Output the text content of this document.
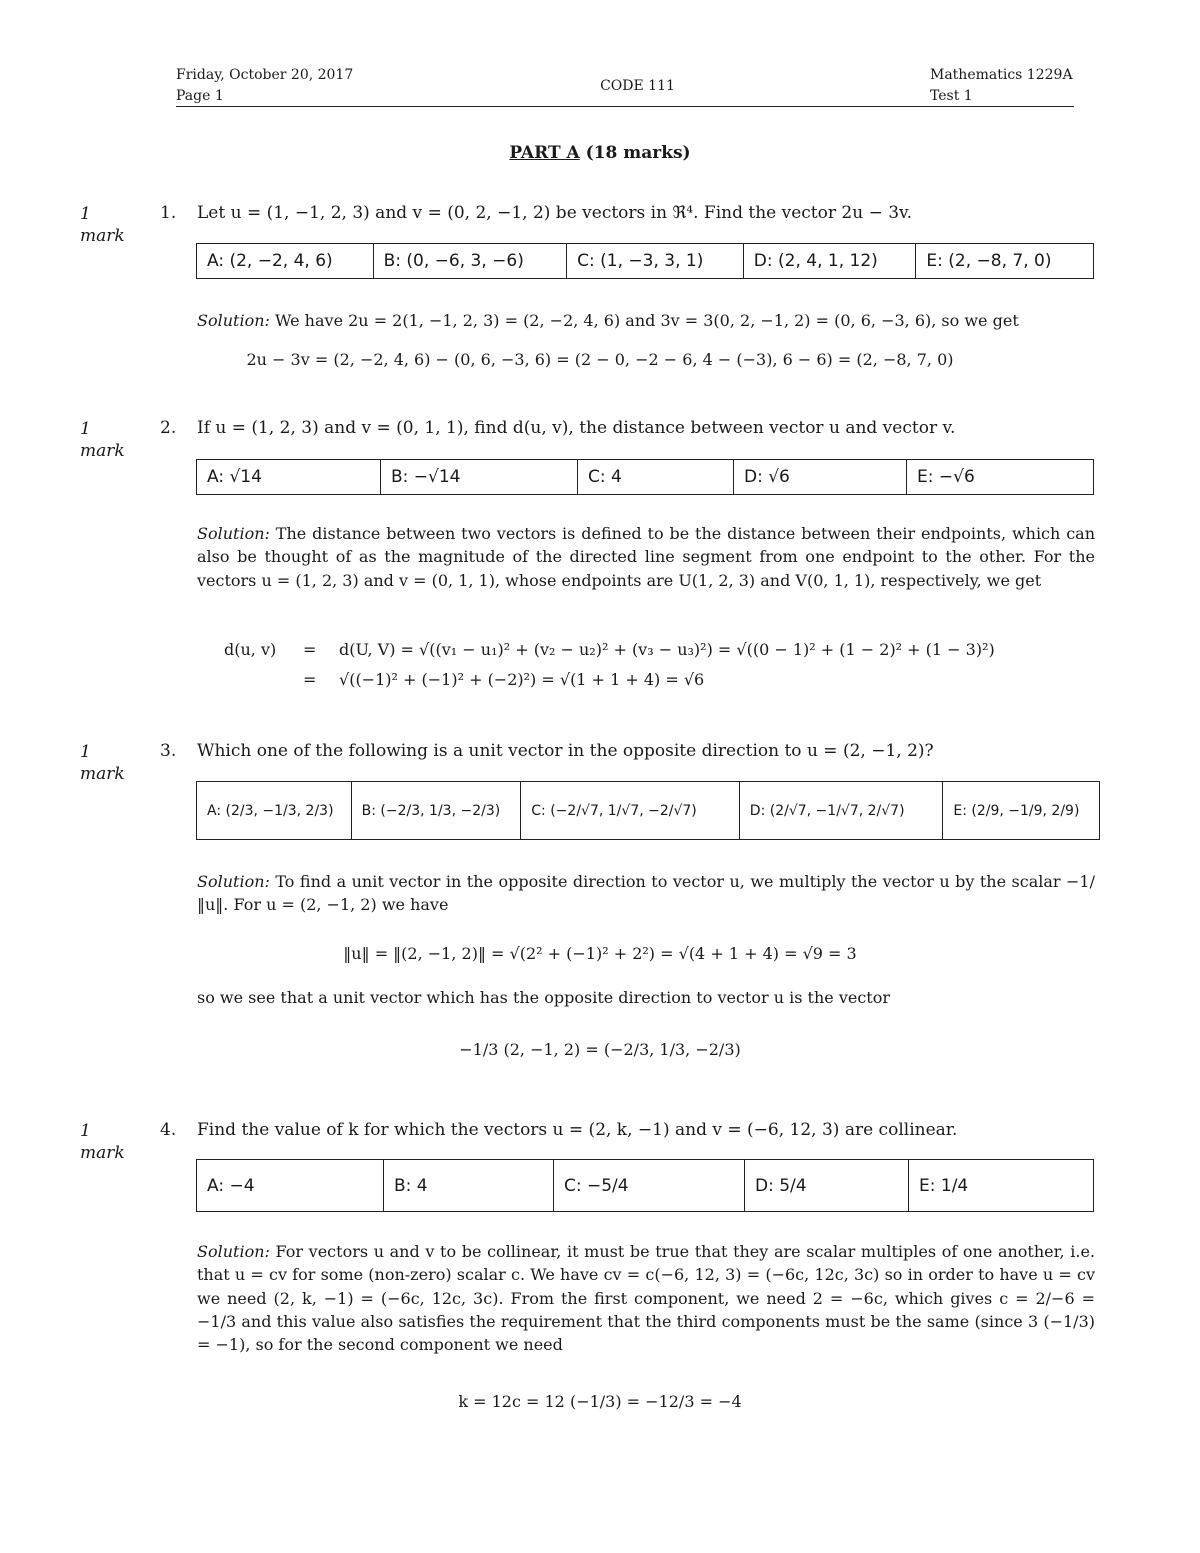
Friday, October 20, 2017
Page 1
CODE 111
Mathematics 1229A
Test 1
PART A (18 marks)
1
mark
1. Let u = (1, −1, 2, 3) and v = (0, 2, −1, 2) be vectors in ℜ⁴. Find the vector 2u − 3v.
A: (2, −2, 4, 6)	B: (0, −6, 3, −6)	C: (1, −3, 3, 1)	D: (2, 4, 1, 12)	E: (2, −8, 7, 0)
Solution: We have 2u = 2(1, −1, 2, 3) = (2, −2, 4, 6) and 3v = 3(0, 2, −1, 2) = (0, 6, −3, 6), so we get
2u − 3v = (2, −2, 4, 6) − (0, 6, −3, 6) = (2 − 0, −2 − 6, 4 − (−3), 6 − 6) = (2, −8, 7, 0)
1
mark
2. If u = (1, 2, 3) and v = (0, 1, 1), find d(u, v), the distance between vector u and vector v.
A: √14	B: −√14	C: 4	D: √6	E: −√6
Solution: The distance between two vectors is defined to be the distance between their endpoints, which can also be thought of as the magnitude of the directed line segment from one endpoint to the other. For the vectors u = (1, 2, 3) and v = (0, 1, 1), whose endpoints are U(1, 2, 3) and V(0, 1, 1), respectively, we get
d(u, v) = d(U, V) = √((v₁ − u₁)² + (v₂ − u₂)² + (v₃ − u₃)²) = √((0 − 1)² + (1 − 2)² + (1 − 3)²)
= √((−1)² + (−1)² + (−2)²) = √(1 + 1 + 4) = √6
1
mark
3. Which one of the following is a unit vector in the opposite direction to u = (2, −1, 2)?
A: (2/3, −1/3, 2/3)	B: (−2/3, 1/3, −2/3)	C: (−2/√7, 1/√7, −2/√7)	D: (2/√7, −1/√7, 2/√7)	E: (2/9, −1/9, 2/9)
Solution: To find a unit vector in the opposite direction to vector u, we multiply the vector u by the scalar −1/‖u‖. For u = (2, −1, 2) we have
‖u‖ = ‖(2, −1, 2)‖ = √(2² + (−1)² + 2²) = √(4 + 1 + 4) = √9 = 3
so we see that a unit vector which has the opposite direction to vector u is the vector
−1/3 (2, −1, 2) = (−2/3, 1/3, −2/3)
1
mark
4. Find the value of k for which the vectors u = (2, k, −1) and v = (−6, 12, 3) are collinear.
A: −4	B: 4	C: −5/4	D: 5/4	E: 1/4
Solution: For vectors u and v to be collinear, it must be true that they are scalar multiples of one another, i.e. that u = cv for some (non-zero) scalar c. We have cv = c(−6, 12, 3) = (−6c, 12c, 3c) so in order to have u = cv we need (2, k, −1) = (−6c, 12c, 3c). From the first component, we need 2 = −6c, which gives c = 2/−6 = −1/3 and this value also satisfies the requirement that the third components must be the same (since 3 (−1/3) = −1), so for the second component we need
k = 12c = 12 (−1/3) = −12/3 = −4
